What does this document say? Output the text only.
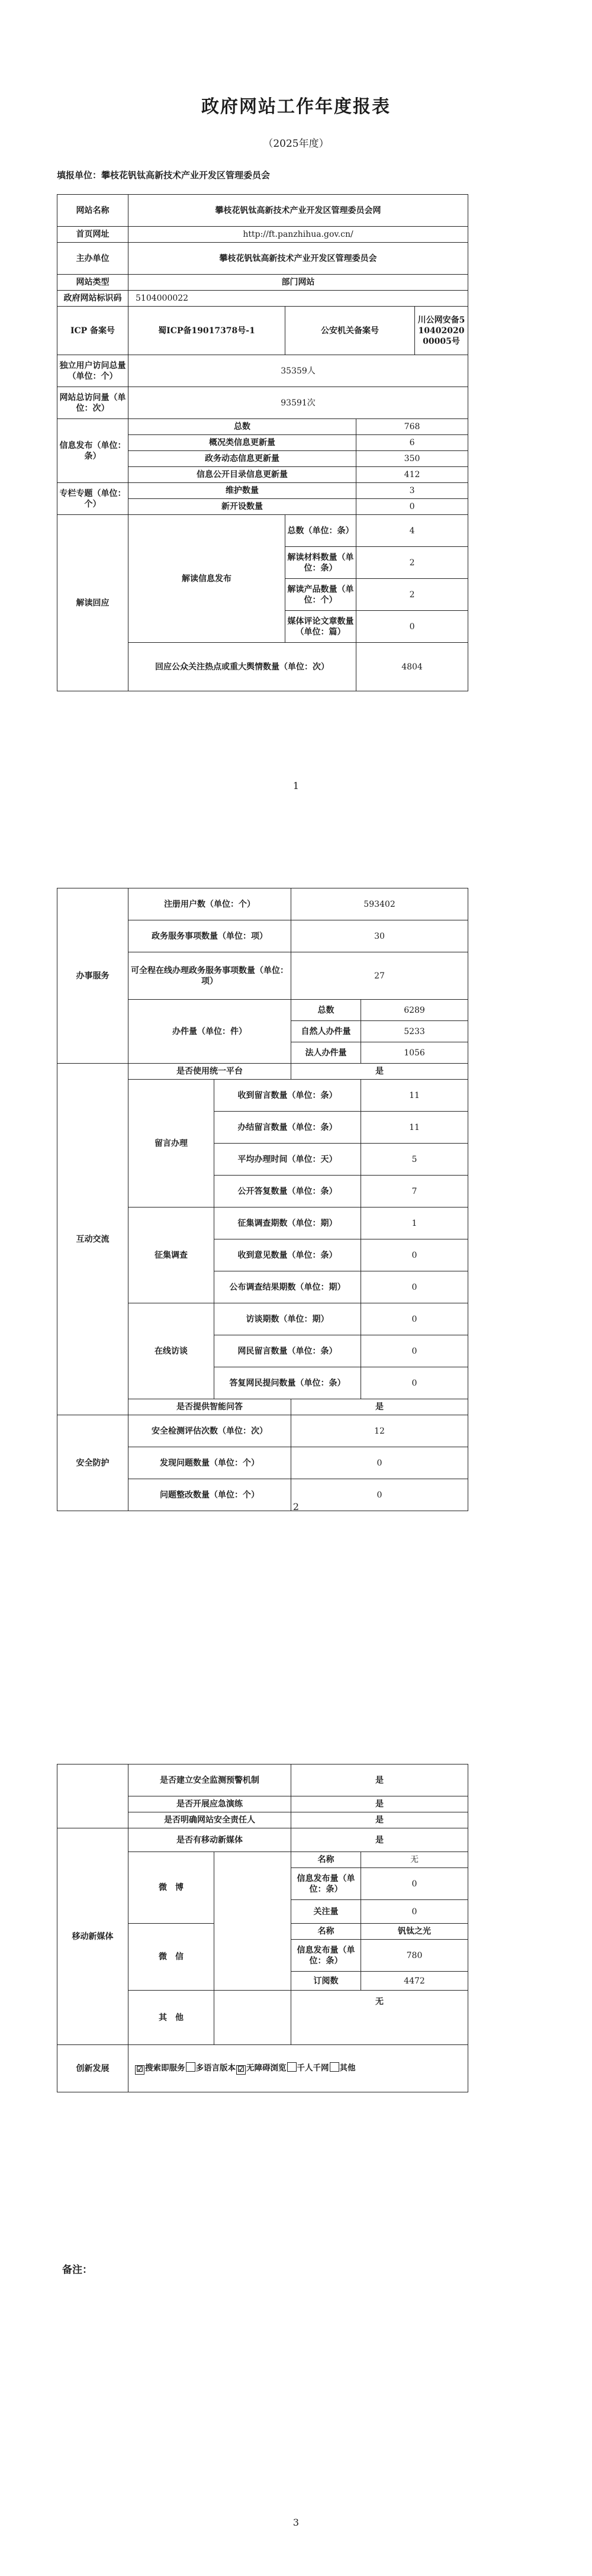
政府网站工作年度报表
（2025年度）
填报单位：攀枝花钒钛高新技术产业开发区管理委员会
网站名称	攀枝花钒钛高新技术产业开发区管理委员会网			
首页网址	http://ft.panzhihua.gov.cn/			
主办单位	攀枝花钒钛高新技术产业开发区管理委员会			
网站类型	部门网站			
政府网站标识码	5104000022			
ICP 备案号	蜀ICP备19017378号-1	公安机关备案号		川公网安备51040202000005号
独立用户访问总量（单位：个）	35359人			
网站总访问量（单位：次）	93591次			
信息发布（单位：条）	总数		768	
	概况类信息更新量		6	
	政务动态信息更新量		350	
	信息公开目录信息更新量		412	
专栏专题（单位：个）	维护数量		3	
	新开设数量		0	
解读回应	解读信息发布	总数（单位：条）	4	
		解读材料数量（单位：条）	2	
		解读产品数量（单位：个）	2	
		媒体评论文章数量（单位：篇）	0	
	回应公众关注热点或重大舆情数量（单位：次）		4804	
1
办事服务	注册用户数（单位：个）		593402	
	政务服务事项数量（单位：项）		30	
	可全程在线办理政务服务事项数量（单位：项）		27	
	办件量（单位：件）		总数	6289
			自然人办件量	5233
			法人办件量	1056
互动交流	是否使用统一平台		是	
	留言办理	收到留言数量（单位：条）		11
		办结留言数量（单位：条）		11
		平均办理时间（单位：天）		5
		公开答复数量（单位：条）		7
	征集调查	征集调查期数（单位：期）		1
		收到意见数量（单位：条）		0
		公布调查结果期数（单位：期）		0
	在线访谈	访谈期数（单位：期）		0
		网民留言数量（单位：条）		0
		答复网民提问数量（单位：条）		0
	是否提供智能问答		是	
安全防护	安全检测评估次数（单位：次）		12	
	发现问题数量（单位：个）		0	
	问题整改数量（单位：个）		0	
2
	是否建立安全监测预警机制		是	
	是否开展应急演练		是	
	是否明确网站安全责任人		是	
移动新媒体	是否有移动新媒体		是	
	微　博		名称	无
			信息发布量（单位：条）	0
			关注量	0
	微　信		名称	钒钛之光
			信息发布量（单位：条）	780
			订阅数	4472
	其　他		无	
创新发展	☑ 搜索即服务 多语言版本 ☑ 无障碍浏览 千人千网 其他			
备注：
3
